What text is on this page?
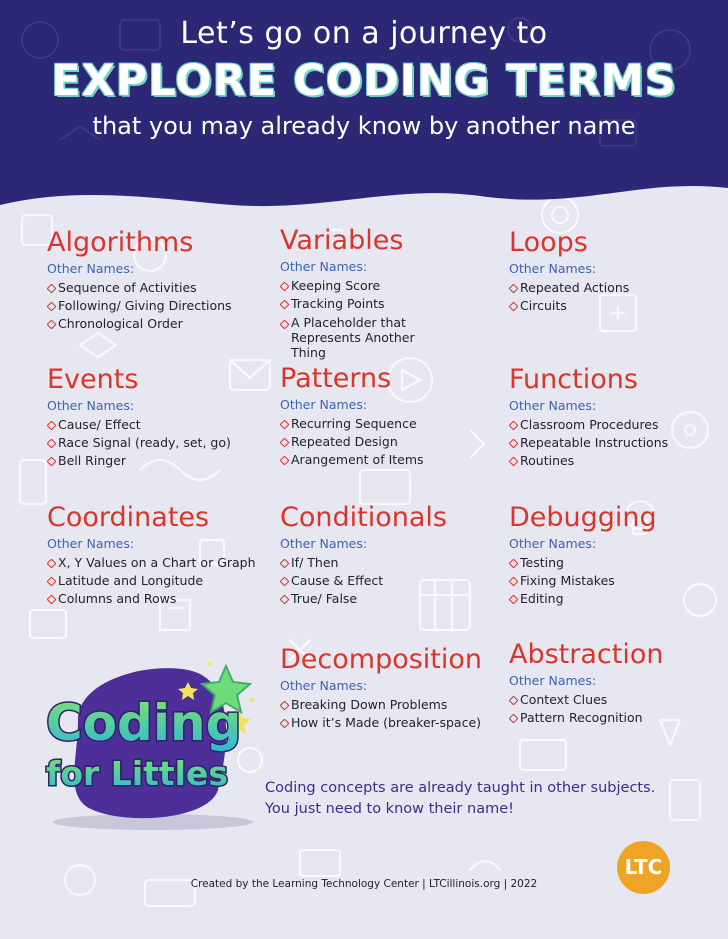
Let’s go on a journey to
EXPLORE CODING TERMS
that you may already know by another name
Algorithms
Other Names:
Sequence of Activities
Following/ Giving Directions
Chronological Order
Variables
Other Names:
Keeping Score
Tracking Points
A Placeholder that Represents Another Thing
Loops
Other Names:
Repeated Actions
Circuits
Events
Other Names:
Cause/ Effect
Race Signal (ready, set, go)
Bell Ringer
Patterns
Other Names:
Recurring Sequence
Repeated Design
Arangement of Items
Functions
Other Names:
Classroom Procedures
Repeatable Instructions
Routines
Coordinates
Other Names:
X, Y Values on a Chart or Graph
Latitude and Longitude
Columns and Rows
Conditionals
Other Names:
If/ Then
Cause & Effect
True/ False
Debugging
Other Names:
Testing
Fixing Mistakes
Editing
Decomposition
Other Names:
Breaking Down Problems
How it’s Made (breaker-space)
Abstraction
Other Names:
Context Clues
Pattern Recognition
Coding
for Littles	Coding concepts are already taught in other subjects.
You just need to know their name!
Created by the Learning Technology Center | LTCillinois.org | 2022
LTC
